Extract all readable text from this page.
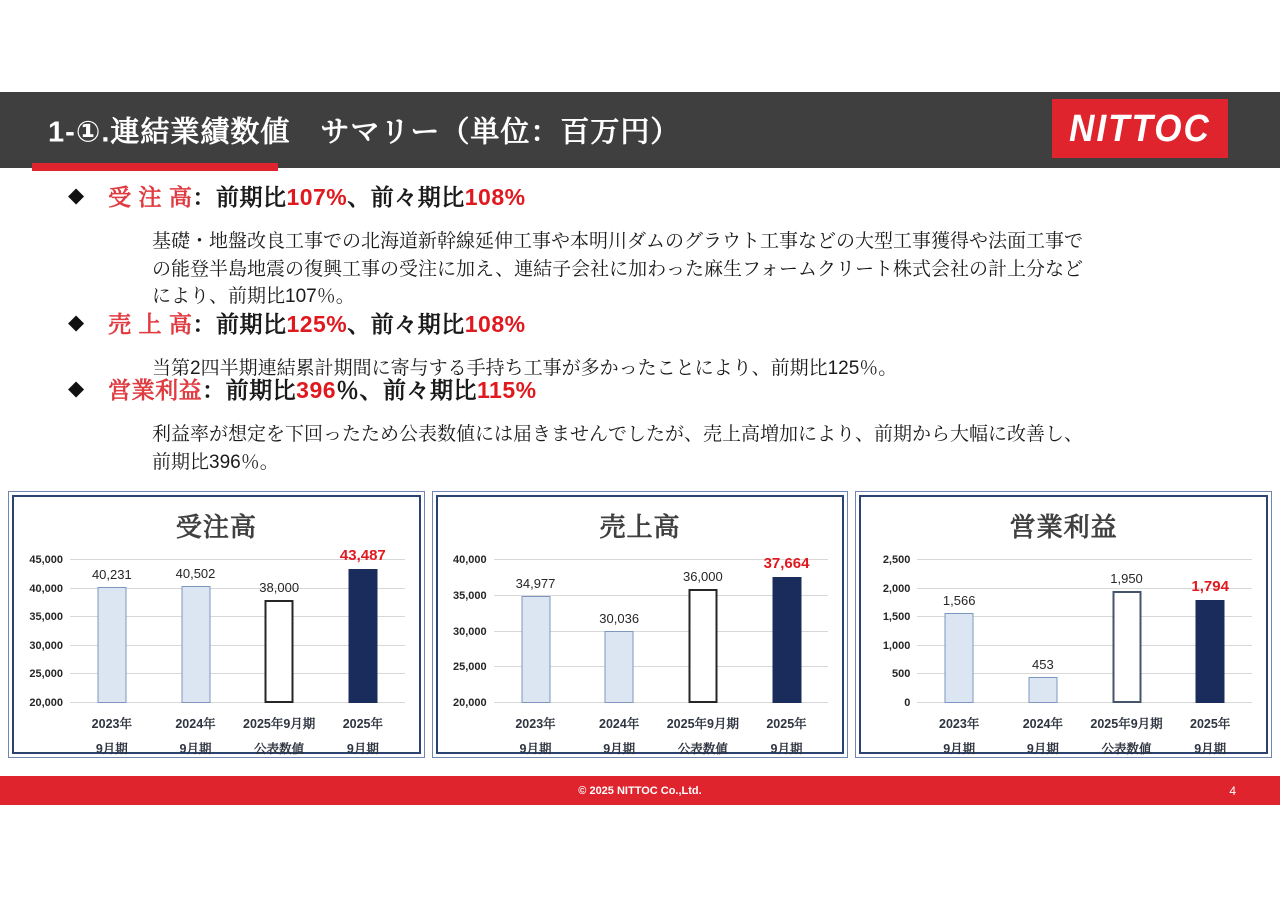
1-①.連結業績数値　サマリー（単位：百万円）	NITTOC
◆ 受 注 高：前期比107%、前々期比108%
基礎・地盤改良工事での北海道新幹線延伸工事や本明川ダムのグラウト工事などの大型工事獲得や法面工事で
の能登半島地震の復興工事の受注に加え、連結子会社に加わった麻生フォームクリート株式会社の計上分など
により、前期比107％。
◆ 売 上 高：前期比125%、前々期比108%
当第2四半期連結累計期間に寄与する手持ち工事が多かったことにより、前期比125％。
◆ 営業利益：前期比396％、前々期比115%
利益率が想定を下回ったため公表数値には届きませんでしたが、売上高増加により、前期から大幅に改善し、
前期比396％。
受注高
45,000
40,000
35,000
30,000
25,000
20,000
40,231	40,502
38,000
43,487
2023年
9月期
2024年
9月期
2025年9月期
公表数値
2025年
9月期
売上高
40,000
35,000
30,000
25,000
20,000
34,977
30,036
36,000
37,664
2023年
9月期
2024年
9月期
2025年9月期
公表数値
2025年
9月期
営業利益
2,500
2,000
1,500
1,000
500
0
1,566
453
1,950	1,794
2023年
9月期
2024年
9月期
2025年9月期
公表数値
2025年
9月期
© 2025 NITTOC Co.,Ltd.	4
